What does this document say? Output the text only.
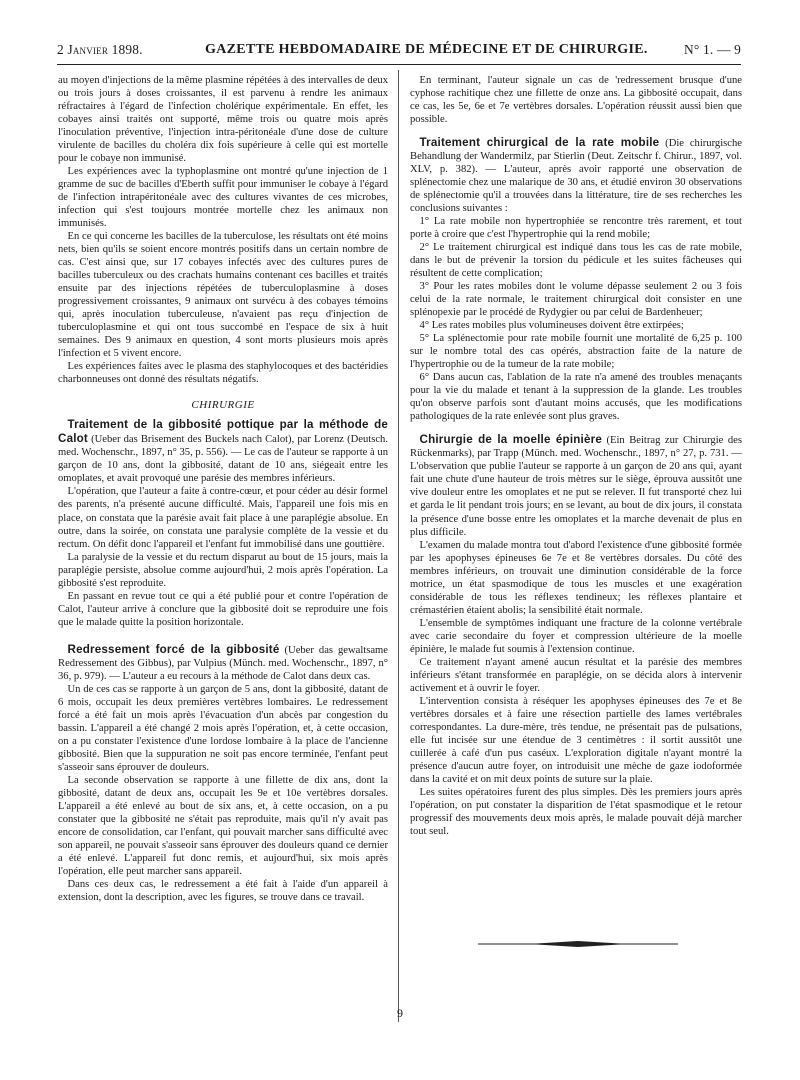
2 Janvier 1898.	GAZETTE HEBDOMADAIRE DE MÉDECINE ET DE CHIRURGIE.	N° 1. — 9

au moyen d'injections de la même plasmine répétées à des intervalles de deux ou trois jours à doses croissantes, il est parvenu à rendre les animaux réfractaires à l'égard de l'infection cholérique expérimentale. En effet, les cobayes ainsi traités ont supporté, même trois ou quatre mois après l'inoculation préventive, l'injection intra-péritonéale d'une dose de culture virulente de bacilles du choléra dix fois supérieure à celle qui est mortelle pour le cobaye non immunisé.

Les expériences avec la typhoplasmine ont montré qu'une injection de 1 gramme de suc de bacilles d'Eberth suffit pour immuniser le cobaye à l'égard de l'infection intrapéritonéale avec des cultures vivantes de ces microbes, infection qui s'est toujours montrée mortelle chez les animaux non immunisés.

En ce qui concerne les bacilles de la tuberculose, les résultats ont été moins nets, bien qu'ils se soient encore montrés positifs dans un certain nombre de cas. C'est ainsi que, sur 17 cobayes infectés avec des cultures pures de bacilles tuberculeux ou des crachats humains contenant ces bacilles et traités ensuite par des injections répétées de tuberculoplasmine à doses progressivement croissantes, 9 animaux ont survécu à des cobayes témoins qui, après inoculation tuberculeuse, n'avaient pas reçu d'injection de tuberculoplasmine et qui ont tous succombé en l'espace de six à huit semaines. Des 9 animaux en question, 4 sont morts plusieurs mois après l'infection et 5 vivent encore.

Les expériences faites avec le plasma des staphylocoques et des bactéridies charbonneuses ont donné des résultats négatifs.

CHIRURGIE

Traitement de la gibbosité pottique par la méthode de Calot (Ueber das Brisement des Buckels nach Calot), par Lorenz (Deutsch. med. Wochenschr., 1897, n° 35, p. 556). — Le cas de l'auteur se rapporte à un garçon de 10 ans, dont la gibbosité, datant de 10 ans, siégeait entre les omoplates, et avait provoqué une parésie des membres inférieurs.

L'opération, que l'auteur a faite à contre-cœur, et pour céder au désir formel des parents, n'a présenté aucune difficulté. Mais, l'appareil une fois mis en place, on constata que la parésie avait fait place à une paraplégie absolue. En outre, dans la soirée, on constata une paralysie complète de la vessie et du rectum. On défit donc l'appareil et l'enfant fut immobilisé dans une gouttière.

La paralysie de la vessie et du rectum disparut au bout de 15 jours, mais la paraplégie persiste, absolue comme aujourd'hui, 2 mois après l'opération. La gibbosité s'est reproduite.

En passant en revue tout ce qui a été publié pour et contre l'opération de Calot, l'auteur arrive à conclure que la gibbosité doit se reproduire une fois que le malade quitte la position horizontale.

Redressement forcé de la gibbosité (Ueber das gewaltsame Redressement des Gibbus), par Vulpius (Münch. med. Wochenschr., 1897, n° 36, p. 979). — L'auteur a eu recours à la méthode de Calot dans deux cas.

Un de ces cas se rapporte à un garçon de 5 ans, dont la gibbosité, datant de 6 mois, occupait les deux premières vertèbres lombaires. Le redressement forcé a été fait un mois après l'évacuation d'un abcès par congestion du bassin. L'appareil a été changé 2 mois après l'opération, et, à cette occasion, on a pu constater l'existence d'une lordose lombaire à la place de l'ancienne gibbosité. Bien que la suppuration ne soit pas encore terminée, l'enfant peut s'asseoir sans éprouver de douleurs.

La seconde observation se rapporte à une fillette de dix ans, dont la gibbosité, datant de deux ans, occupait les 9e et 10e vertèbres dorsales. L'appareil a été enlevé au bout de six ans, et, à cette occasion, on a pu constater que la gibbosité ne s'était pas reproduite, mais qu'il n'y avait pas encore de consolidation, car l'enfant, qui pouvait marcher sans difficulté avec son appareil, ne pouvait s'asseoir sans éprouver des douleurs quand ce dernier a été enlevé. L'appareil fut donc remis, et aujourd'hui, six mois après l'opération, elle peut marcher sans appareil.

Dans ces deux cas, le redressement a été fait à l'aide d'un appareil à extension, dont la description, avec les figures, se trouve dans ce travail.

En terminant, l'auteur signale un cas de 'redressement brusque d'une cyphose rachitique chez une fillette de onze ans. La gibbosité occupait, dans ce cas, les 5e, 6e et 7e vertèbres dorsales. L'opération réussit aussi bien que possible.

Traitement chirurgical de la rate mobile (Die chirurgische Behandlung der Wandermilz, par Stierlin (Deut. Zeitschr f. Chirur., 1897, vol. XLV, p. 382). — L'auteur, après avoir rapporté une observation de splénectomie chez une malarique de 30 ans, et étudié environ 30 observations de splénectomie qu'il a trouvées dans la littérature, tire de ses recherches les conclusions suivantes :

1° La rate mobile non hypertrophiée se rencontre très rarement, et tout porte à croire que c'est l'hypertrophie qui la rend mobile;

2° Le traitement chirurgical est indiqué dans tous les cas de rate mobile, dans le but de prévenir la torsion du pédicule et les suites fâcheuses qui résultent de cette complication;

3° Pour les rates mobiles dont le volume dépasse seulement 2 ou 3 fois celui de la rate normale, le traitement chirurgical doit consister en une splénopexie par le procédé de Rydygier ou par celui de Bardenheuer;

4° Les rates mobiles plus volumineuses doivent être extirpées;

5° La splénectomie pour rate mobile fournit une mortalité de 6,25 p. 100 sur le nombre total des cas opérés, abstraction faite de la nature de l'hypertrophie ou de la tumeur de la rate mobile;

6° Dans aucun cas, l'ablation de la rate n'a amené des troubles menaçants pour la vie du malade et tenant à la suppression de la glande. Les troubles qu'on observe parfois sont d'autant moins accusés, que les modifications pathologiques de la rate enlevée sont plus graves.

Chirurgie de la moelle épinière (Ein Beitrag zur Chirurgie des Rückenmarks), par Trapp (Münch. med. Wochenschr., 1897, n° 27, p. 731. — L'observation que publie l'auteur se rapporte à un garçon de 20 ans qui, ayant fait une chute d'une hauteur de trois mètres sur le siège, éprouva aussitôt une vive douleur entre les omoplates et ne put se relever. Il fut transporté chez lui et garda le lit pendant trois jours; en se levant, au bout de dix jours, il constata la présence d'une bosse entre les omoplates et la marche devenait de plus en plus difficile.

L'examen du malade montra tout d'abord l'existence d'une gibbosité formée par les apophyses épineuses 6e 7e et 8e vertèbres dorsales. Du côté des membres inférieurs, on trouvait une diminution considérable de la force motrice, un état spasmodique de tous les muscles et une exagération considérable de tous les réflexes tendineux; les réflexes plantaire et crémastérien étaient abolis; la sensibilité était normale.

L'ensemble de symptômes indiquant une fracture de la colonne vertébrale avec carie secondaire du foyer et compression ultérieure de la moelle épinière, le malade fut soumis à l'extension continue.

Ce traitement n'ayant amené aucun résultat et la parésie des membres inférieurs s'étant transformée en paraplégie, on se décida alors à intervenir activement et à ouvrir le foyer.

L'intervention consista à réséquer les apophyses épineuses des 7e et 8e vertèbres dorsales et à faire une résection partielle des lames vertébrales correspondantes. La dure-mère, très tendue, ne présentait pas de pulsations, elle fut incisée sur une étendue de 3 centimètres : il sortit aussitôt une cuillerée à café d'un pus caséux. L'exploration digitale n'ayant montré la présence d'aucun autre foyer, on introduisit une mèche de gaze iodoformée dans la cavité et on mit deux points de suture sur la plaie.

Les suites opératoires furent des plus simples. Dès les premiers jours après l'opération, on put constater la disparition de l'état spasmodique et le retour progressif des mouvements deux mois après, le malade pouvait déjà marcher tout seul.

9
